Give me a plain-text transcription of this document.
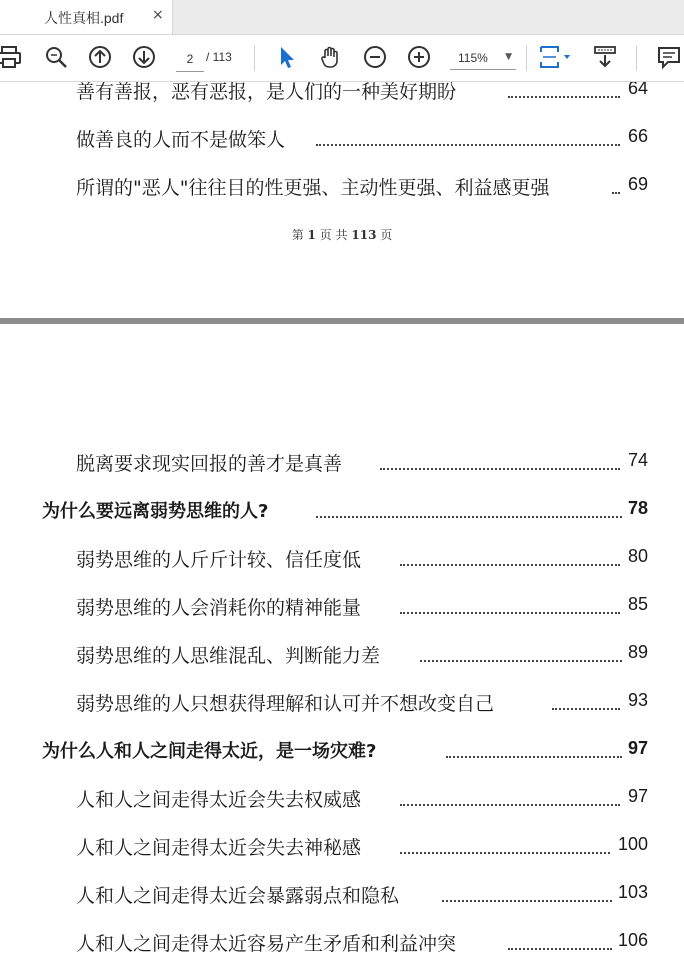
人性真相.pdf ×
2
/ 113	115% ▼
善有善报，恶有恶报，是人们的一种美好期盼	64
做善良的人而不是做笨人	66
所谓的"恶人"往往目的性更强、主动性更强、利益感更强	69
第 1 页 共 113 页
脱离要求现实回报的善才是真善	74
为什么要远离弱势思维的人?	78
弱势思维的人斤斤计较、信任度低	80
弱势思维的人会消耗你的精神能量	85
弱势思维的人思维混乱、判断能力差	89
弱势思维的人只想获得理解和认可并不想改变自己	93
为什么人和人之间走得太近，是一场灾难?	97
人和人之间走得太近会失去权威感	97
人和人之间走得太近会失去神秘感	100
人和人之间走得太近会暴露弱点和隐私	103
人和人之间走得太近容易产生矛盾和利益冲突	106
